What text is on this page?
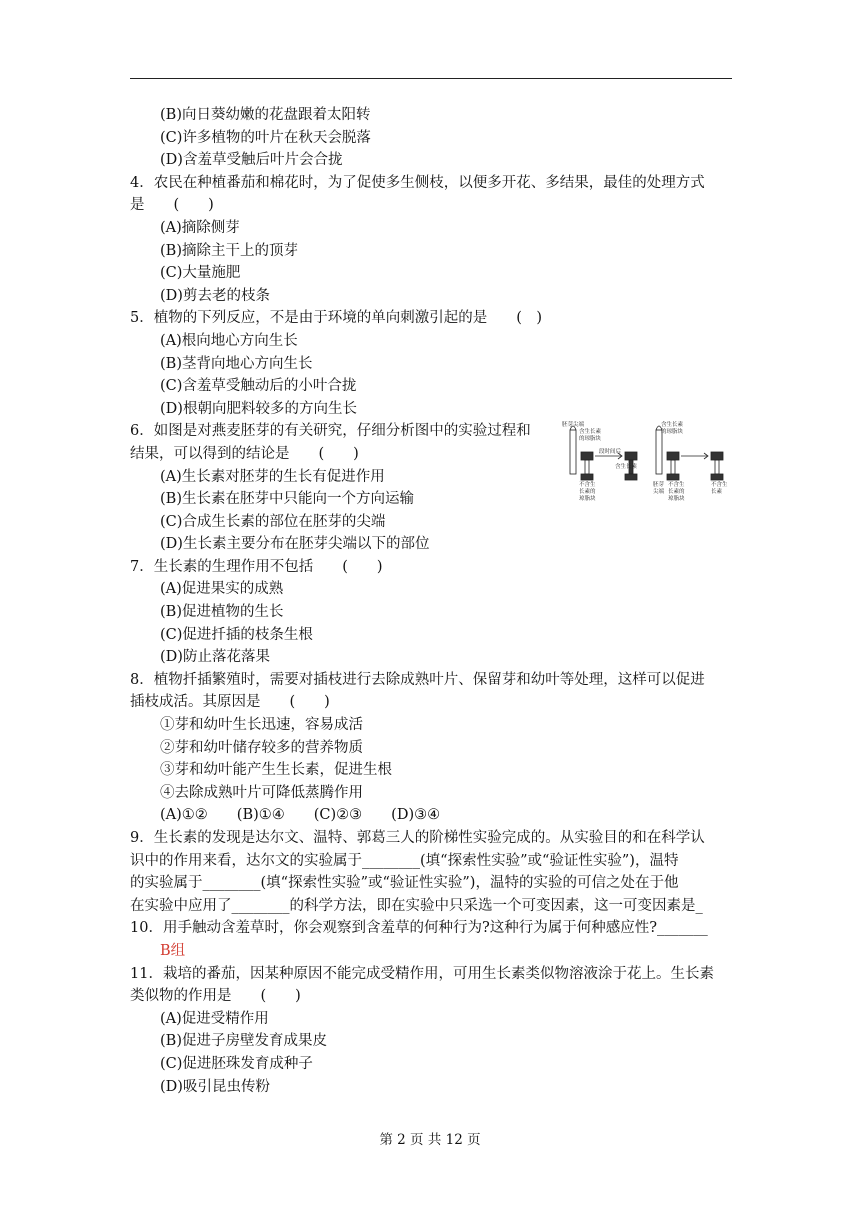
(B)向日葵幼嫩的花盘跟着太阳转
(C)许多植物的叶片在秋天会脱落
(D)含羞草受触后叶片会合拢
4．农民在种植番茄和棉花时，为了促使多生侧枝，以便多开花、多结果，最佳的处理方式
是　　(　　)
(A)摘除侧芽
(B)摘除主干上的顶芽
(C)大量施肥
(D)剪去老的枝条
5．植物的下列反应，不是由于环境的单向刺激引起的是　　(　)
(A)根向地心方向生长
(B)茎背向地心方向生长
(C)含羞草受触动后的小叶合拢
(D)根朝向肥料较多的方向生长
6．如图是对燕麦胚芽的有关研究，仔细分析图中的实验过程和
结果，可以得到的结论是　　(　　)
(A)生长素对胚芽的生长有促进作用
(B)生长素在胚芽中只能向一个方向运输
(C)合成生长素的部位在胚芽的尖端
(D)生长素主要分布在胚芽尖端以下的部位
7．生长素的生理作用不包括　　(　　)
(A)促进果实的成熟
(B)促进植物的生长
(C)促进扦插的枝条生根
(D)防止落花落果
8．植物扦插繁殖时，需要对插枝进行去除成熟叶片、保留芽和幼叶等处理，这样可以促进
插枝成活。其原因是　　(　　)
①芽和幼叶生长迅速，容易成活
②芽和幼叶储存较多的营养物质
③芽和幼叶能产生生长素，促进生根
④去除成熟叶片可降低蒸腾作用
(A)①②　　(B)①④　　(C)②③　　(D)③④
9．生长素的发现是达尔文、温特、郭葛三人的阶梯性实验完成的。从实验目的和在科学认
识中的作用来看，达尔文的实验属于________(填“探索性实验”或“验证性实验”)，温特
的实验属于________(填“探索性实验”或“验证性实验”)，温特的实验的可信之处在于他
在实验中应用了________的科学方法，即在实验中只采选一个可变因素，这一可变因素是_
10．用手触动含羞草时，你会观察到含羞草的何种行为?这种行为属于何种感应性?_______
B组
11．栽培的番茄，因某种原因不能完成受精作用，可用生长素类似物溶液涂于花上。生长素
类似物的作用是　　(　　)
(A)促进受精作用
(B)促进子房壁发育成果皮
(C)促进胚珠发育成种子
(D)吸引昆虫传粉
胚芽尖端
含生长素
的琼脂块
段时间后
含生长素
不含生
长素的
琼脂块
含生长素
的琼脂块
不含生
长素的
琼脂块
胚芽
尖端
不含生
长素
第 2 页 共 12 页
